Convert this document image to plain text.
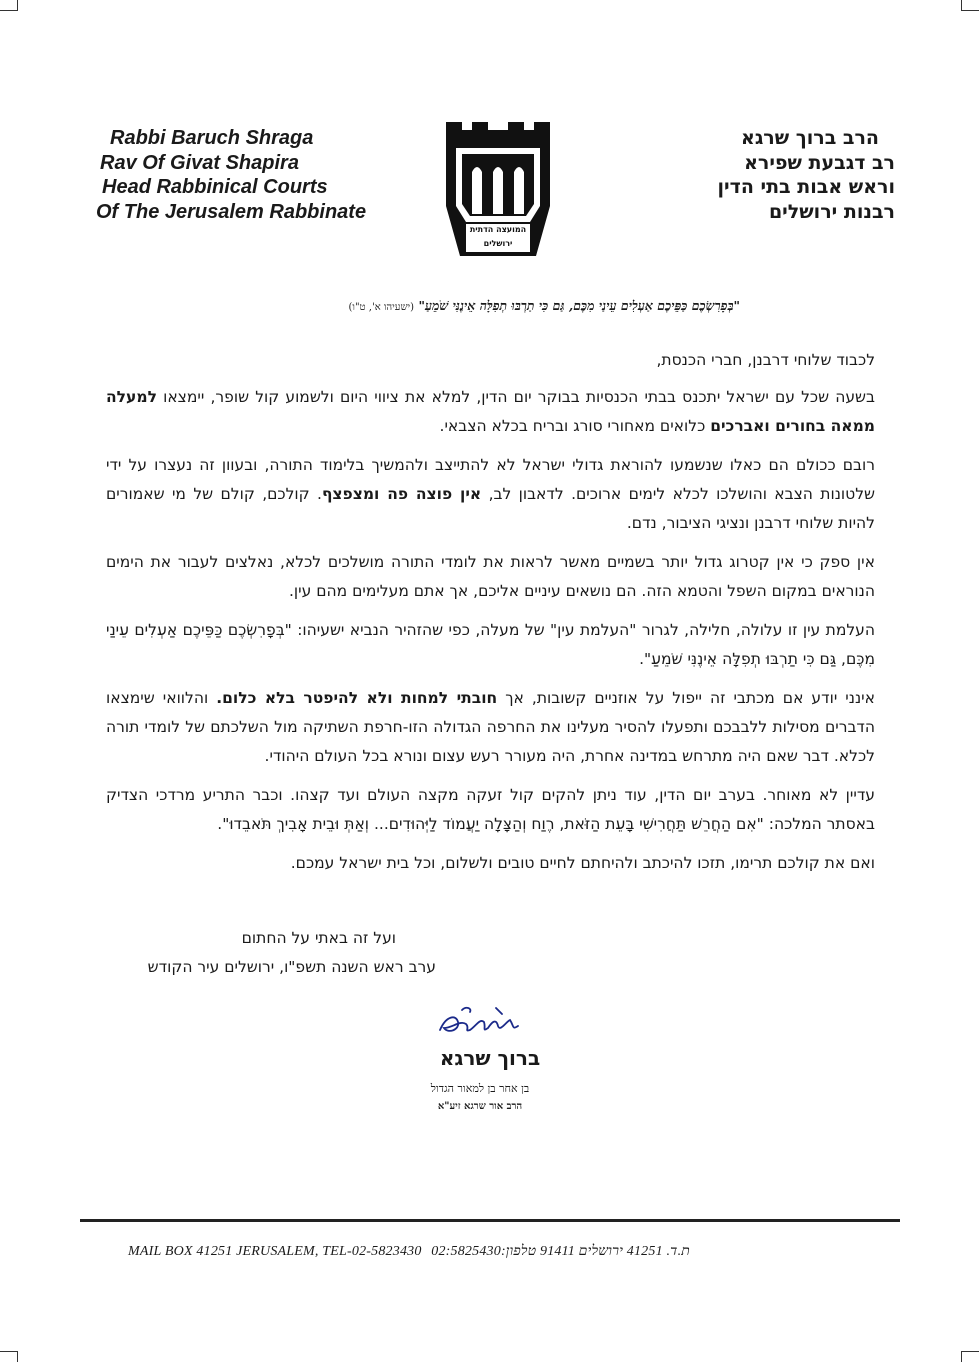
Rabbi Baruch Shraga
Rav Of Givat Shapira
Head Rabbinical Courts
Of The Jerusalem Rabbinate
הרב ברוך שרגא
רב דגבעת שפירא
וראש אבות בתי הדין
רבנות ירושלים
המועצה הדתית
ירושלים
"בְּפָרִשְׂכֶם כַּפֵּיכֶם אַעְלִים עֵינַי מִכֶּם, גַּם כִּי תַרְבּוּ תְפִלָּה אֵינֶנִּי שֹׁמֵעַ" (ישעיהו א', ט"ו)

לכבוד שלוחי דרבנן, חברי הכנסת,

בשעה שכל עם ישראל יתכנס בבתי הכנסיות בבוקר יום הדין, למלא את ציווי היום ולשמוע קול שופר, יימצאו למעלה ממאה בחורים ואברכים כלואים מאחורי סורג ובריח בכלא הצבאי.

רובם ככולם הם כאלו שנשמעו להוראת גדולי ישראל לא להתייצב ולהמשיך בלימוד התורה, ובעוון זה נעצרו על ידי שלטונות הצבא והושלכו לכלא לימים ארוכים. לדאבון לב, אין פוצה פה ומצפצף. קולכם, קולם של מי שאמורים להיות שלוחי דרבנן ונציגי הציבור, נדם.

אין ספק כי אין קטרוג גדול יותר בשמיים מאשר לראות את לומדי התורה מושלכים לכלא, נאלצים לעבור את הימים הנוראים במקום השפל והטמא הזה. הם נושאים עיניים אליכם, אך אתם מעלימים מהם עין.

העלמת עין זו עלולה, חלילה, לגרור "העלמת עין" של מעלה, כפי שהזהיר הנביא ישעיהו: "בְּפָרִשְׂכֶם כַּפֵּיכֶם אַעְלִים עֵינַי מִכֶּם, גַּם כִּי תַרְבּוּ תְפִלָּה אֵינֶנִּי שֹׁמֵעַ".

אינני יודע אם מכתבי זה ייפול על אוזניים קשובות, אך חובתי למחות ולא להיפטר בלא כלום. והלוואי שימצאו הדברים מסילות ללבבכם ותפעלו להסיר מעלינו את החרפה הגדולה הזו-חרפת השתיקה מול השלכתם של לומדי תורה לכלא. דבר שאם היה מתרחש במדינה אחרת, היה מעורר רעש עצום ונורא בכל העולם היהודי.

עדיין לא מאוחר. בערב יום הדין, עוד ניתן להקים קול זעקה מקצה העולם ועד קצהו. וכבר התריע מרדכי הצדיק באסתר המלכה: "אִם הַחֲרֵשׁ תַּחֲרִישִׁי בָּעֵת הַזֹּאת, רֶוַח וְהַצָּלָה יַעֲמוֹד לַיְּהוּדִים... וְאַתְּ וּבֵית אָבִיךְ תֹּאבֵדוּ".

ואם את קולכם תרימו, תזכו להיכתב ולהיחתם לחיים טובים ולשלום, וכל בית ישראל עמכם.

ועל זה באתי על החתום
ערב ראש השנה תשפ"ו, ירושלים עיר הקודש
ברוך שרגא
בן אחר בן למאור הגדול
הרב אור שרגא זיע"א
MAIL BOX 41251 JERUSALEM, TEL-02-5823430 ת.ד. 41251 ירושלים 91411 טלפון:02:5825430
